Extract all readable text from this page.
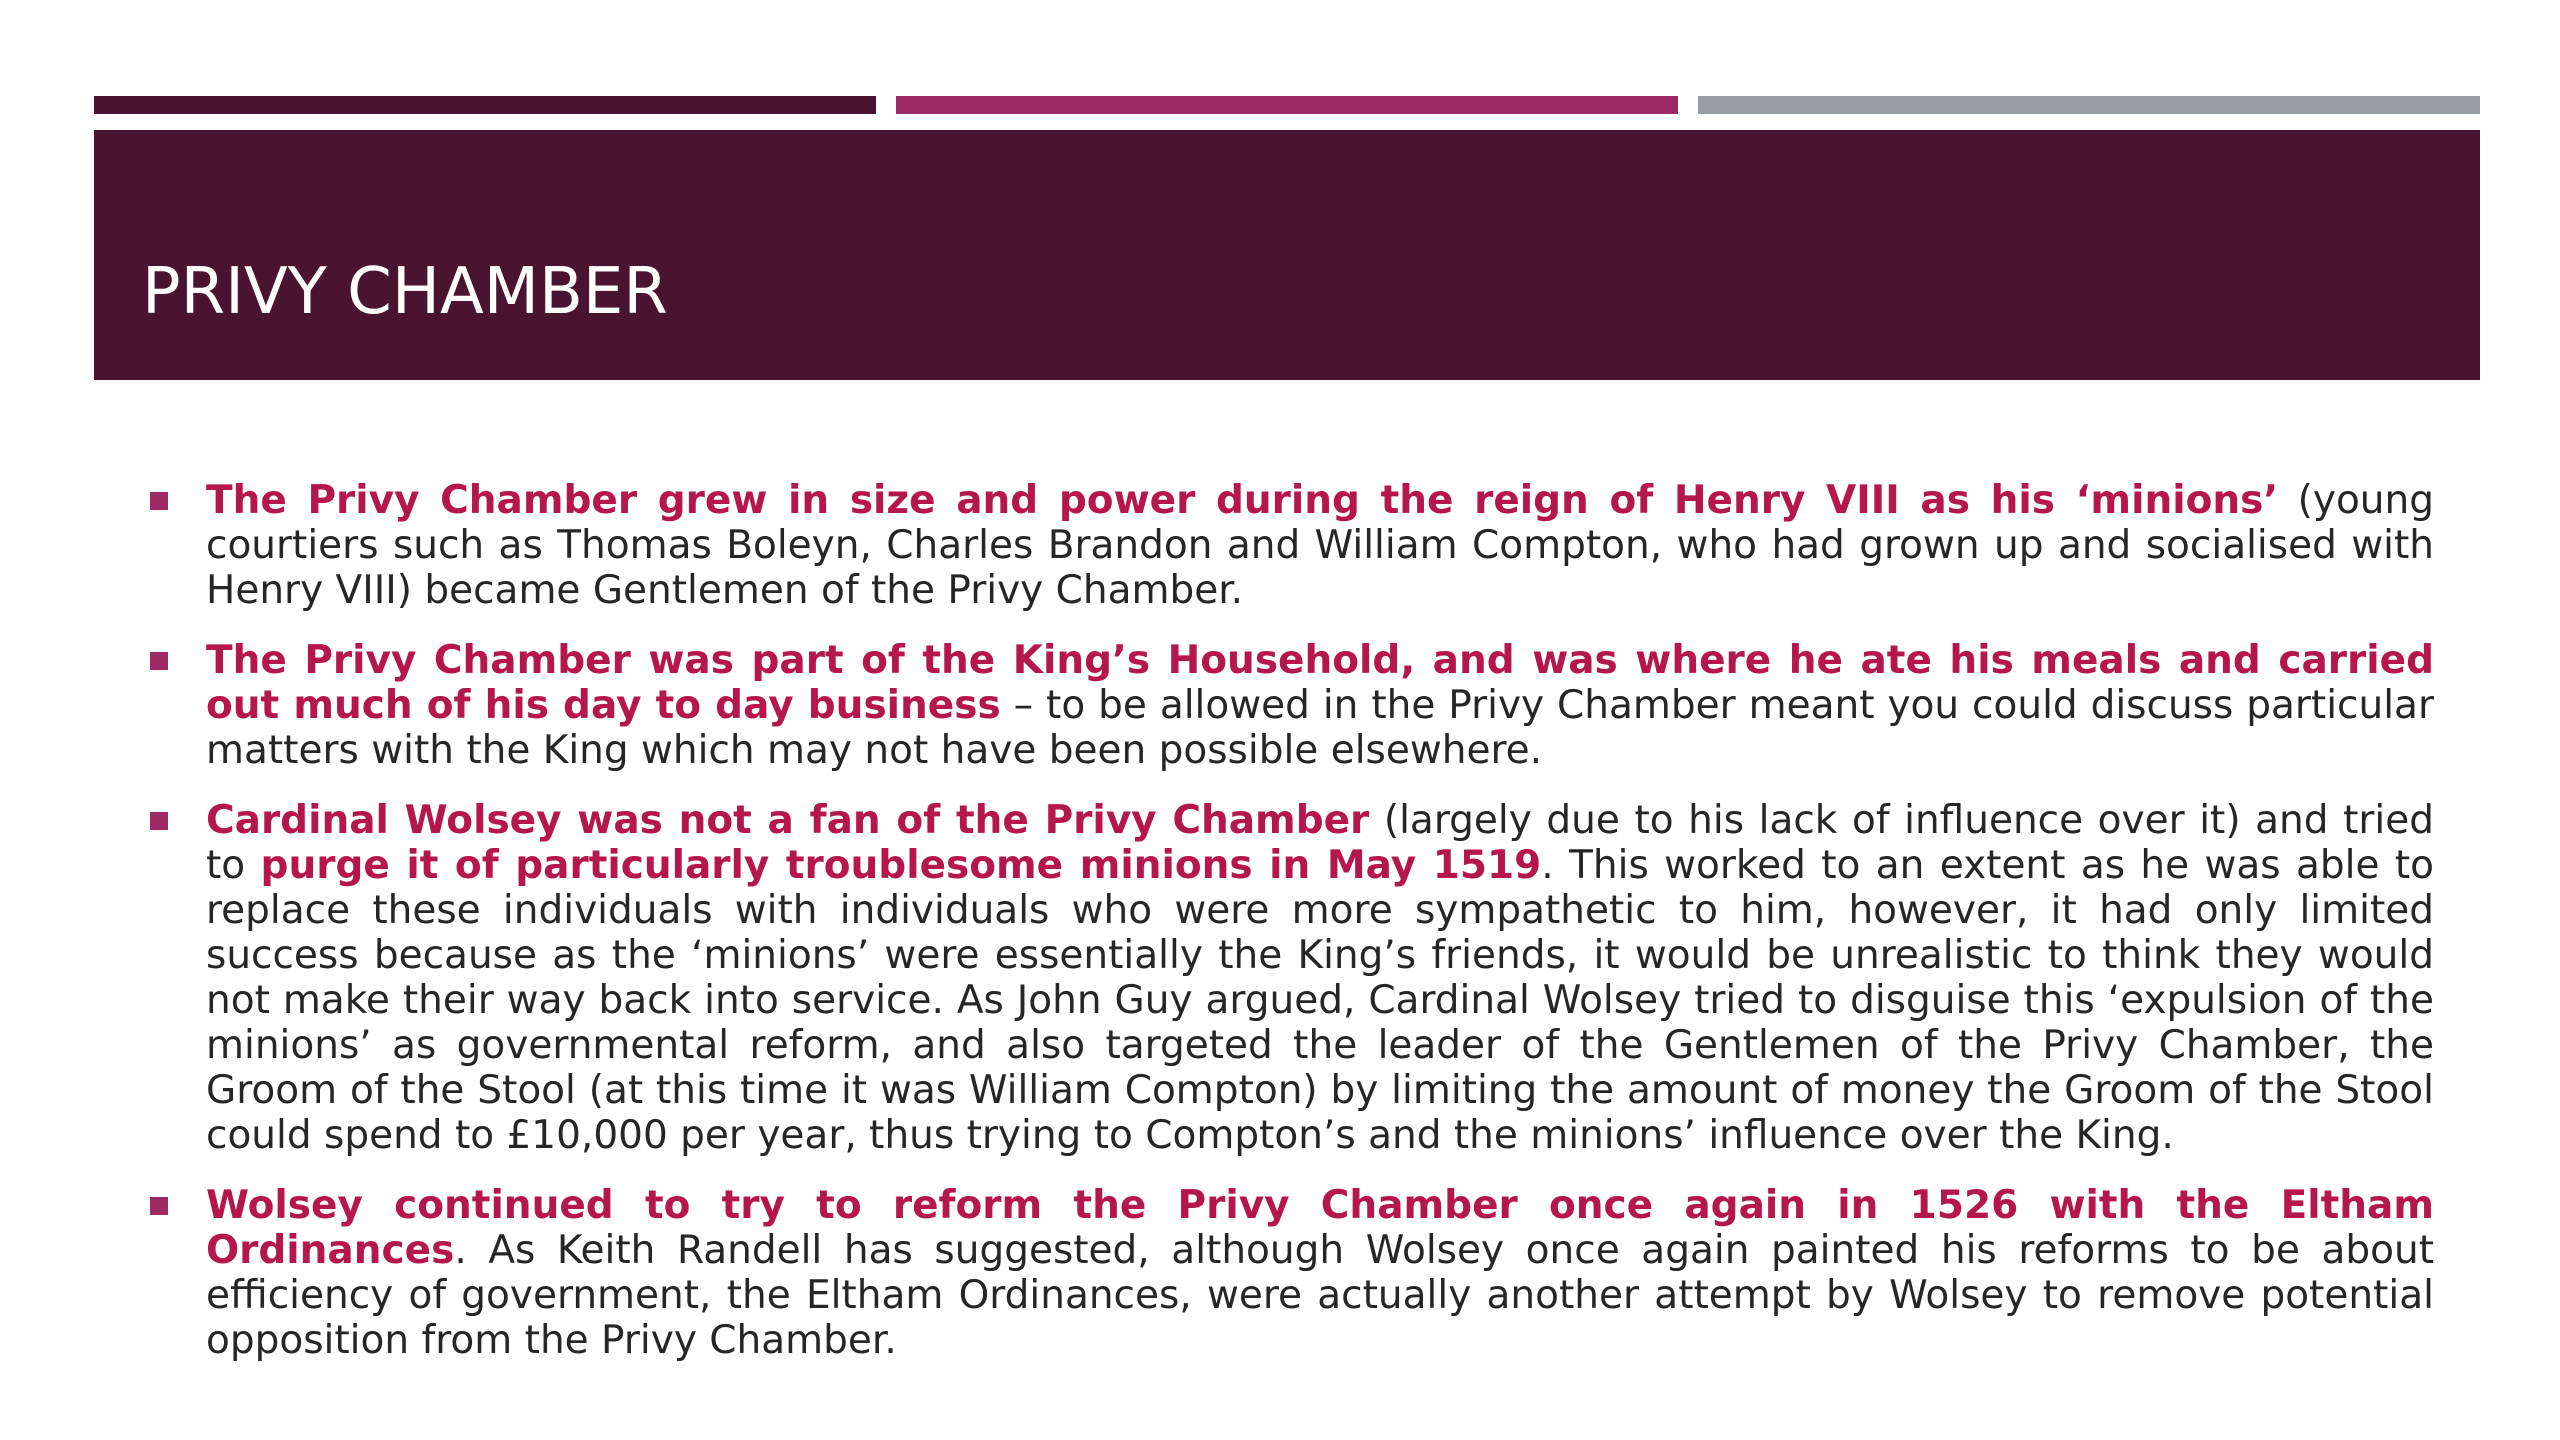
PRIVY CHAMBER
The Privy Chamber grew in size and power during the reign of Henry VIII as his ‘minions’ (young courtiers such as Thomas Boleyn, Charles Brandon and William Compton, who had grown up and socialised with Henry VIII) became Gentlemen of the Privy Chamber.
The Privy Chamber was part of the King’s Household, and was where he ate his meals and carried out much of his day to day business – to be allowed in the Privy Chamber meant you could discuss particular matters with the King which may not have been possible elsewhere.
Cardinal Wolsey was not a fan of the Privy Chamber (largely due to his lack of influence over it) and tried to purge it of particularly troublesome minions in May 1519. This worked to an extent as he was able to replace these individuals with individuals who were more sympathetic to him, however, it had only limited success because as the ‘minions’ were essentially the King’s friends, it would be unrealistic to think they would not make their way back into service. As John Guy argued, Cardinal Wolsey tried to disguise this ‘expulsion of the minions’ as governmental reform, and also targeted the leader of the Gentlemen of the Privy Chamber, the Groom of the Stool (at this time it was William Compton) by limiting the amount of money the Groom of the Stool could spend to £10,000 per year, thus trying to Compton’s and the minions’ influence over the King.
Wolsey continued to try to reform the Privy Chamber once again in 1526 with the Eltham Ordinances. As Keith Randell has suggested, although Wolsey once again painted his reforms to be about efficiency of government, the Eltham Ordinances, were actually another attempt by Wolsey to remove potential opposition from the Privy Chamber.
